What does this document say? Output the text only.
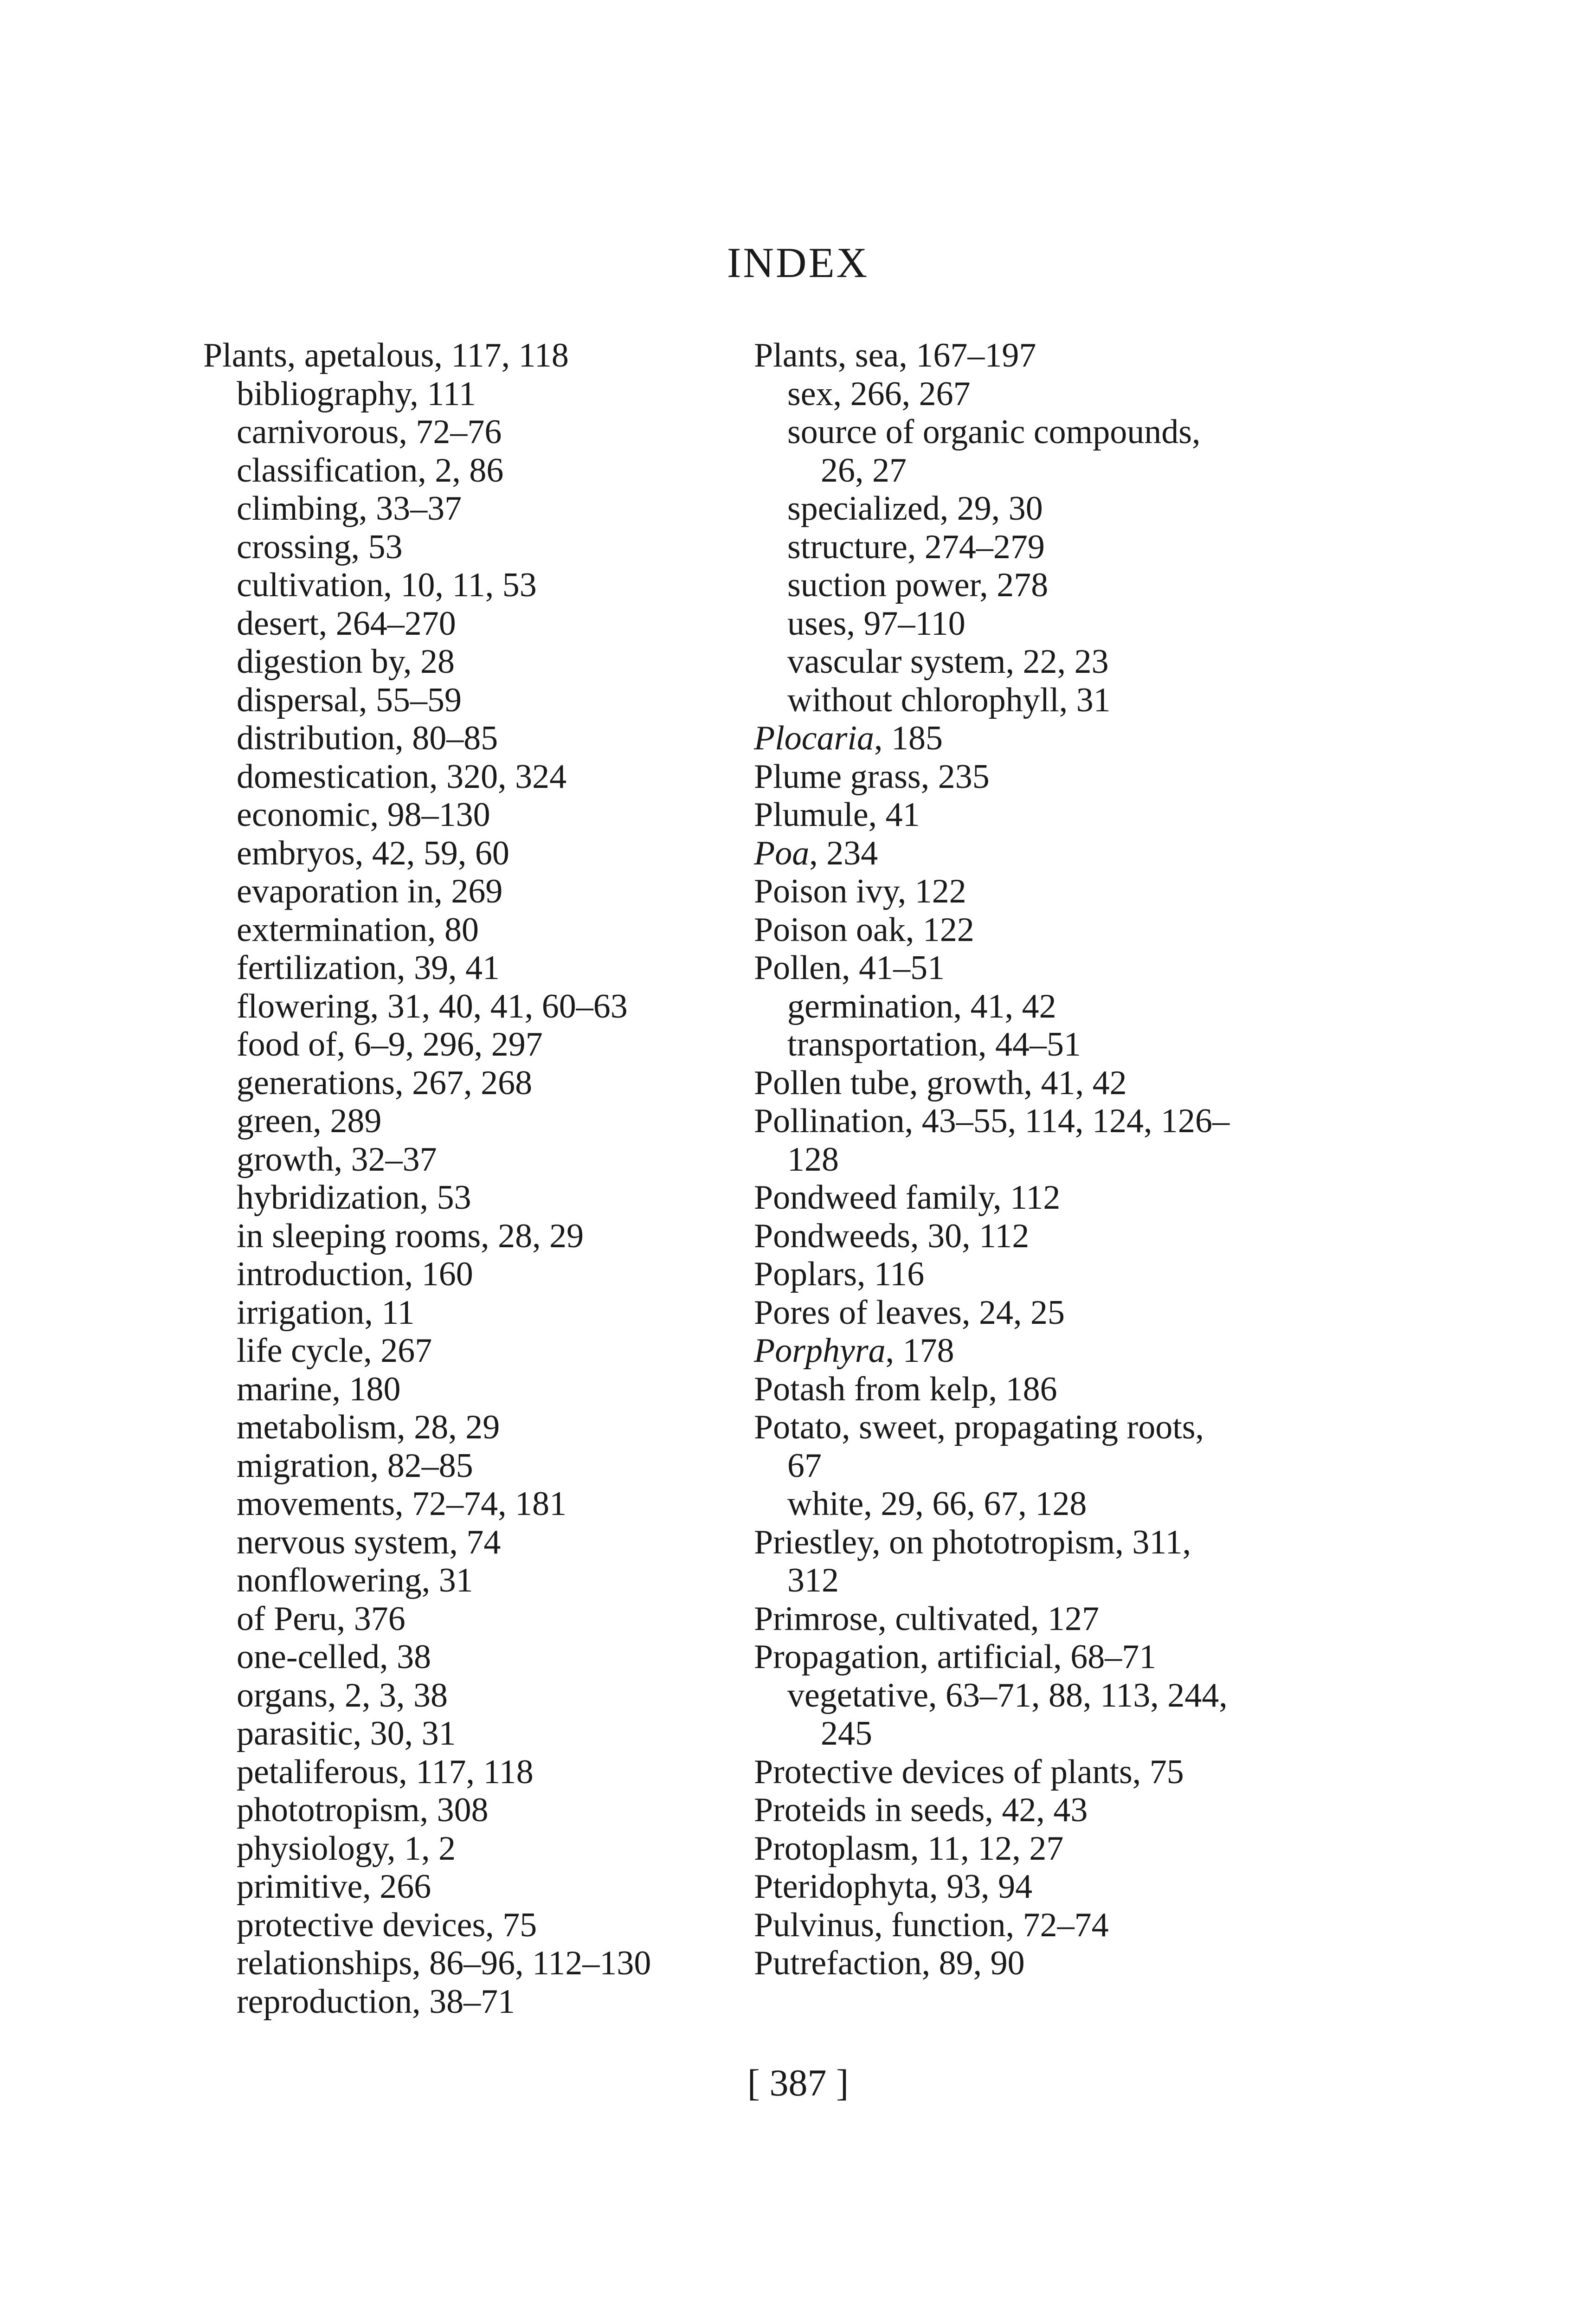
INDEX
Plants, apetalous, 117, 118
bibliography, 111
carnivorous, 72–76
classification, 2, 86
climbing, 33–37
crossing, 53
cultivation, 10, 11, 53
desert, 264–270
digestion by, 28
dispersal, 55–59
distribution, 80–85
domestication, 320, 324
economic, 98–130
embryos, 42, 59, 60
evaporation in, 269
extermination, 80
fertilization, 39, 41
flowering, 31, 40, 41, 60–63
food of, 6–9, 296, 297
generations, 267, 268
green, 289
growth, 32–37
hybridization, 53
in sleeping rooms, 28, 29
introduction, 160
irrigation, 11
life cycle, 267
marine, 180
metabolism, 28, 29
migration, 82–85
movements, 72–74, 181
nervous system, 74
nonflowering, 31
of Peru, 376
one-celled, 38
organs, 2, 3, 38
parasitic, 30, 31
petaliferous, 117, 118
phototropism, 308
physiology, 1, 2
primitive, 266
protective devices, 75
relationships, 86–96, 112–130
reproduction, 38–71
Plants, sea, 167–197
sex, 266, 267
source of organic compounds,
26, 27
specialized, 29, 30
structure, 274–279
suction power, 278
uses, 97–110
vascular system, 22, 23
without chlorophyll, 31
Plocaria, 185
Plume grass, 235
Plumule, 41
Poa, 234
Poison ivy, 122
Poison oak, 122
Pollen, 41–51
germination, 41, 42
transportation, 44–51
Pollen tube, growth, 41, 42
Pollination, 43–55, 114, 124, 126–
128
Pondweed family, 112
Pondweeds, 30, 112
Poplars, 116
Pores of leaves, 24, 25
Porphyra, 178
Potash from kelp, 186
Potato, sweet, propagating roots,
67
white, 29, 66, 67, 128
Priestley, on phototropism, 311,
312
Primrose, cultivated, 127
Propagation, artificial, 68–71
vegetative, 63–71, 88, 113, 244,
245
Protective devices of plants, 75
Proteids in seeds, 42, 43
Protoplasm, 11, 12, 27
Pteridophyta, 93, 94
Pulvinus, function, 72–74
Putrefaction, 89, 90
[ 387 ]
